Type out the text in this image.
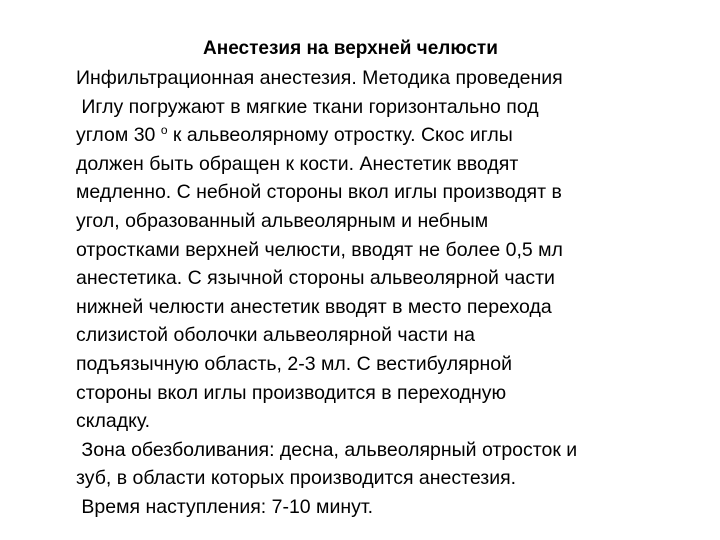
Анестезия на верхней челюсти
Инфильтрационная анестезия. Методика проведения
Иглу погружают в мягкие ткани горизонтально под
углом 30 $^о$ к альвеолярному отростку. Скос иглы
должен быть обращен к кости. Анестетик вводят
медленно. С небной стороны вкол иглы производят в
угол, образованный альвеолярным и небным
отростками верхней челюсти, вводят не более 0,5 мл
анестетика. С язычной стороны альвеолярной части
нижней челюсти анестетик вводят в место перехода
слизистой оболочки альвеолярной части на
подъязычную область, 2-3 мл. С вестибулярной
стороны вкол иглы производится в переходную
складку.
Зона обезболивания: десна, альвеолярный отросток и
зуб, в области которых производится анестезия.
Время наступления: 7-10 минут.
